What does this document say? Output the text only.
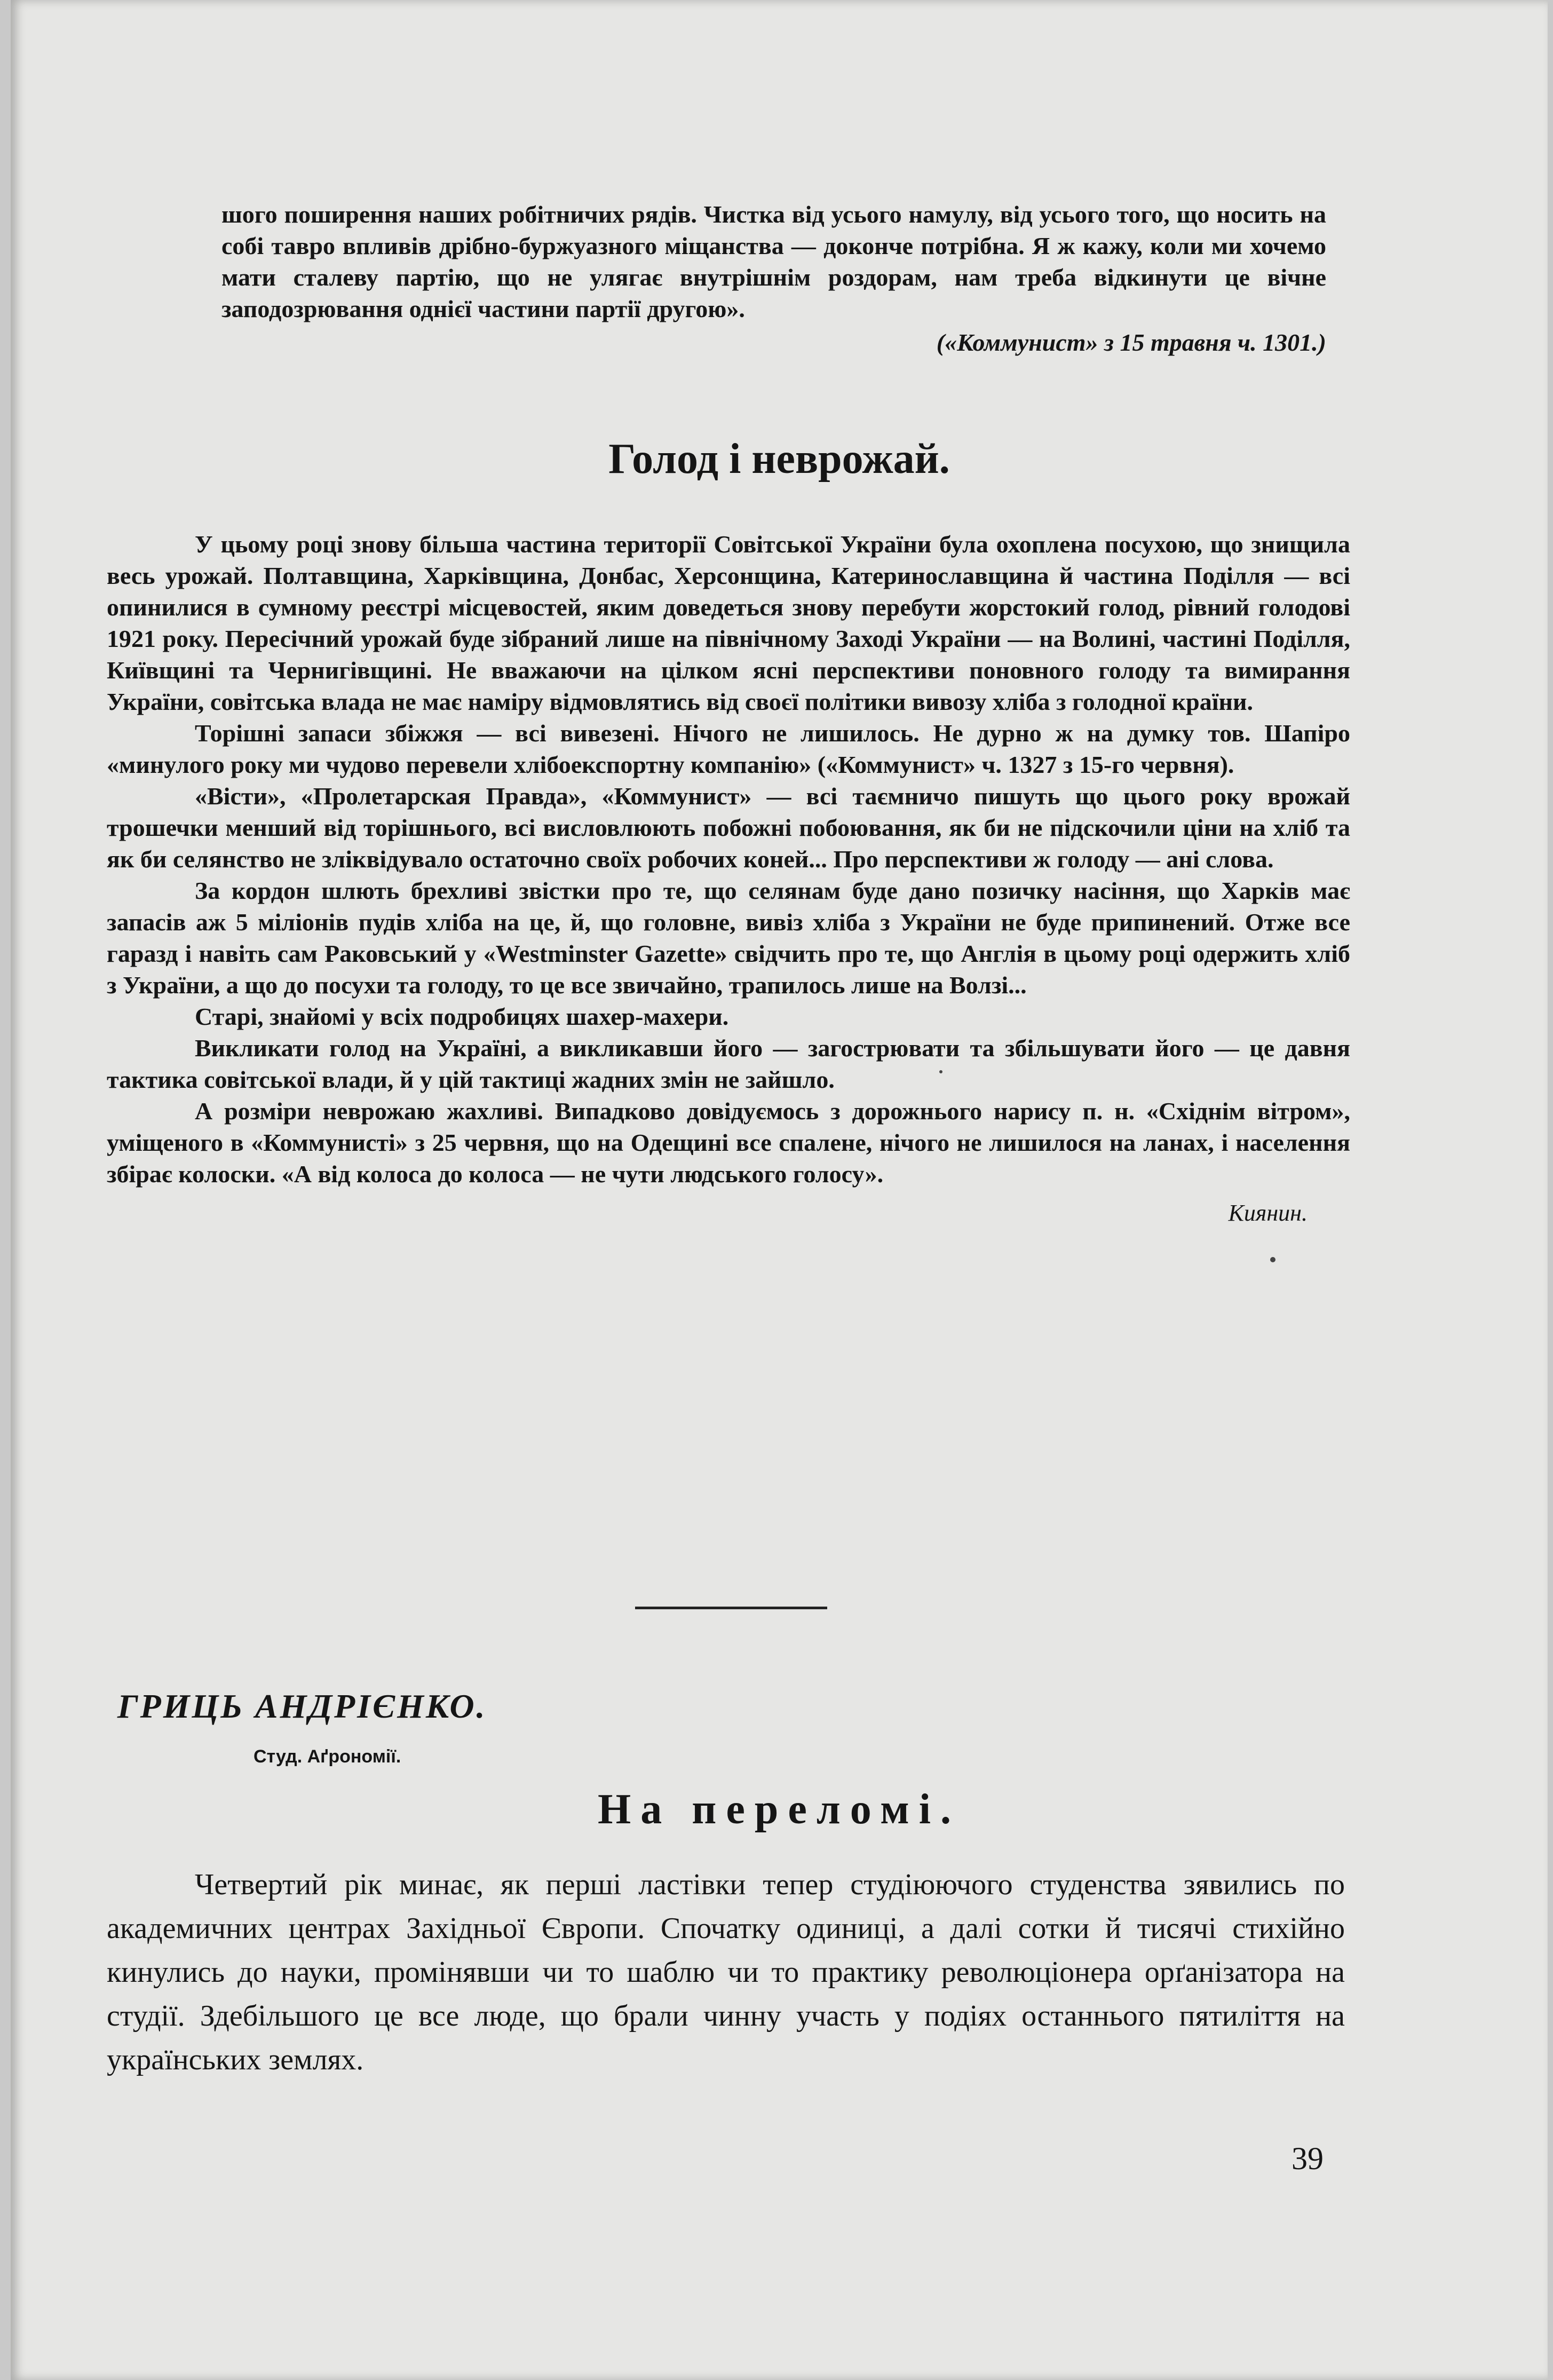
шого поширення наших робітничих рядів. Чистка від усього намулу, від усього того, що носить на собі тавро впливів дрібно-буржуазного міщанства — доконче потрібна. Я ж кажу, коли ми хочемо мати сталеву партію, що не улягає внутрішнім роздорам, нам треба відкинути це вічне заподозрювання однієї частини партії другою».

(«Коммунист» з 15 травня ч. 1301.)

Голод і неврожай.

У цьому році знову більша частина території Совітської України була охоплена посухою, що знищила весь урожай. Полтавщина, Харківщина, Донбас, Херсонщина, Катеринославщина й частина Поділля — всі опинилися в сумному реєстрі місцевостей, яким доведеться знову перебути жорстокий голод, рівний голодові 1921 року. Пересічний урожай буде зібраний лише на північному Заході України — на Волині, частині Поділля, Київщині та Чернигівщині. Не вважаючи на цілком ясні перспективи поновного голоду та вимирання України, совітська влада не має наміру відмовлятись від своєї політики вивозу хліба з голодної країни.

Торішні запаси збіжжя — всі вивезені. Нічого не лишилось. Не дурно ж на думку тов. Шапіро «минулого року ми чудово перевели хлібоекспортну компанію» («Коммунист» ч. 1327 з 15-го червня).

«Вісти», «Пролетарская Правда», «Коммунист» — всі таємничо пишуть що цього року врожай трошечки менший від торішнього, всі висловлюють побожні побоювання, як би не підскочили ціни на хліб та як би селянство не зліквідувало остаточно своїх робочих коней... Про перспективи ж голоду — ані слова.

За кордон шлють брехливі звістки про те, що селянам буде дано позичку насіння, що Харків має запасів аж 5 міліонів пудів хліба на це, й, що головне, вивіз хліба з України не буде припинений. Отже все гаразд і навіть сам Раковський у «Westminster Gazette» свідчить про те, що Англія в цьому році одержить хліб з України, а що до посухи та голоду, то це все звичайно, трапилось лише на Волзі...

Старі, знайомі у всіх подробицях шахер-махери.

Викликати голод на Україні, а викликавши його — загострювати та збільшувати його — це давня тактика совітської влади, й у цій тактиці жадних змін не зайшло.

А розміри неврожаю жахливі. Випадково довідуємось з дорожнього нарису п. н. «Східнім вітром», уміщеного в «Коммунисті» з 25 червня, що на Одещині все спалене, нічого не лишилося на ланах, і населення збірає колоски. «А від колоса до колоса — не чути людського голосу».

Киянин.
ГРИЦЬ АНДРІЄНКО.
Студ. Аґрономії.
На переломі.

Четвертий рік минає, як перші ластівки тепер студіюючого студенства зявились по академичних центрах Західньої Європи. Спочатку одиниці, а далі сотки й тисячі стихійно кинулись до науки, промінявши чи то шаблю чи то практику революціонера орґанізатора на студії. Здебільшого це все люде, що брали чинну участь у подіях останнього пятиліття на українських землях.

39
